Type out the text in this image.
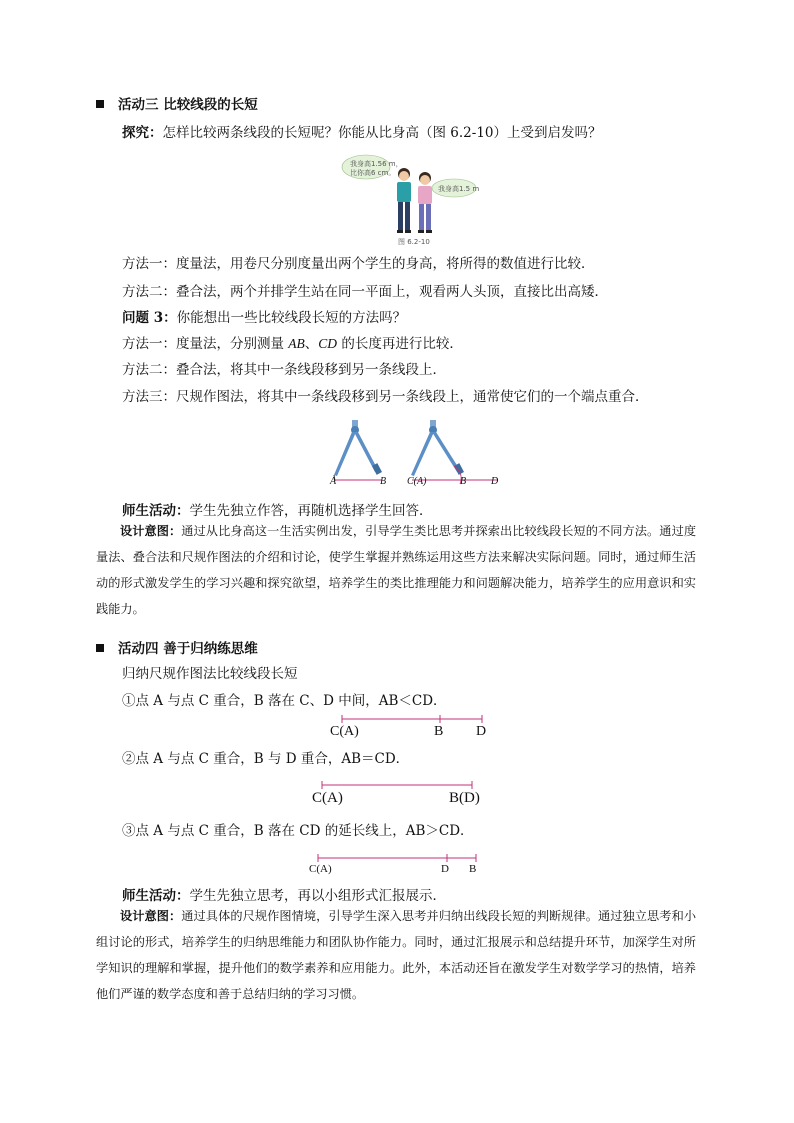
活动三 比较线段的长短
探究：怎样比较两条线段的长短呢？你能从比身高（图 6.2-10）上受到启发吗？
我身高1.56 m，
比你高6 cm。
我身高1.5 m
图 6.2-10
方法一：度量法，用卷尺分别度量出两个学生的身高，将所得的数值进行比较．
方法二：叠合法，两个并排学生站在同一平面上，观看两人头顶，直接比出高矮．
问题 3：你能想出一些比较线段长短的方法吗？
方法一：度量法，分别测量 AB、CD 的长度再进行比较．
方法二：叠合法，将其中一条线段移到另一条线段上．
方法三：尺规作图法，将其中一条线段移到另一条线段上，通常使它们的一个端点重合．
A	B C(A)	B D
师生活动：学生先独立作答，再随机选择学生回答．
设计意图：通过从比身高这一生活实例出发，引导学生类比思考并探索出比较线段长短的不同方法。通过度量法、叠合法和尺规作图法的介绍和讨论，使学生掌握并熟练运用这些方法来解决实际问题。同时，通过师生活动的形式激发学生的学习兴趣和探究欲望，培养学生的类比推理能力和问题解决能力，培养学生的应用意识和实践能力。
活动四 善于归纳练思维
归纳尺规作图法比较线段长短
①点 A 与点 C 重合，B 落在 C、D 中间，AB＜CD．
C(A)	B D
②点 A 与点 C 重合，B 与 D 重合，AB＝CD．
C(A)	B(D)
③点 A 与点 C 重合，B 落在 CD 的延长线上，AB＞CD．
C(A)	D B
师生活动：学生先独立思考，再以小组形式汇报展示．
设计意图：通过具体的尺规作图情境，引导学生深入思考并归纳出线段长短的判断规律。通过独立思考和小组讨论的形式，培养学生的归纳思维能力和团队协作能力。同时，通过汇报展示和总结提升环节，加深学生对所学知识的理解和掌握，提升他们的数学素养和应用能力。此外，本活动还旨在激发学生对数学学习的热情，培养他们严谨的数学态度和善于总结归纳的学习习惯。
